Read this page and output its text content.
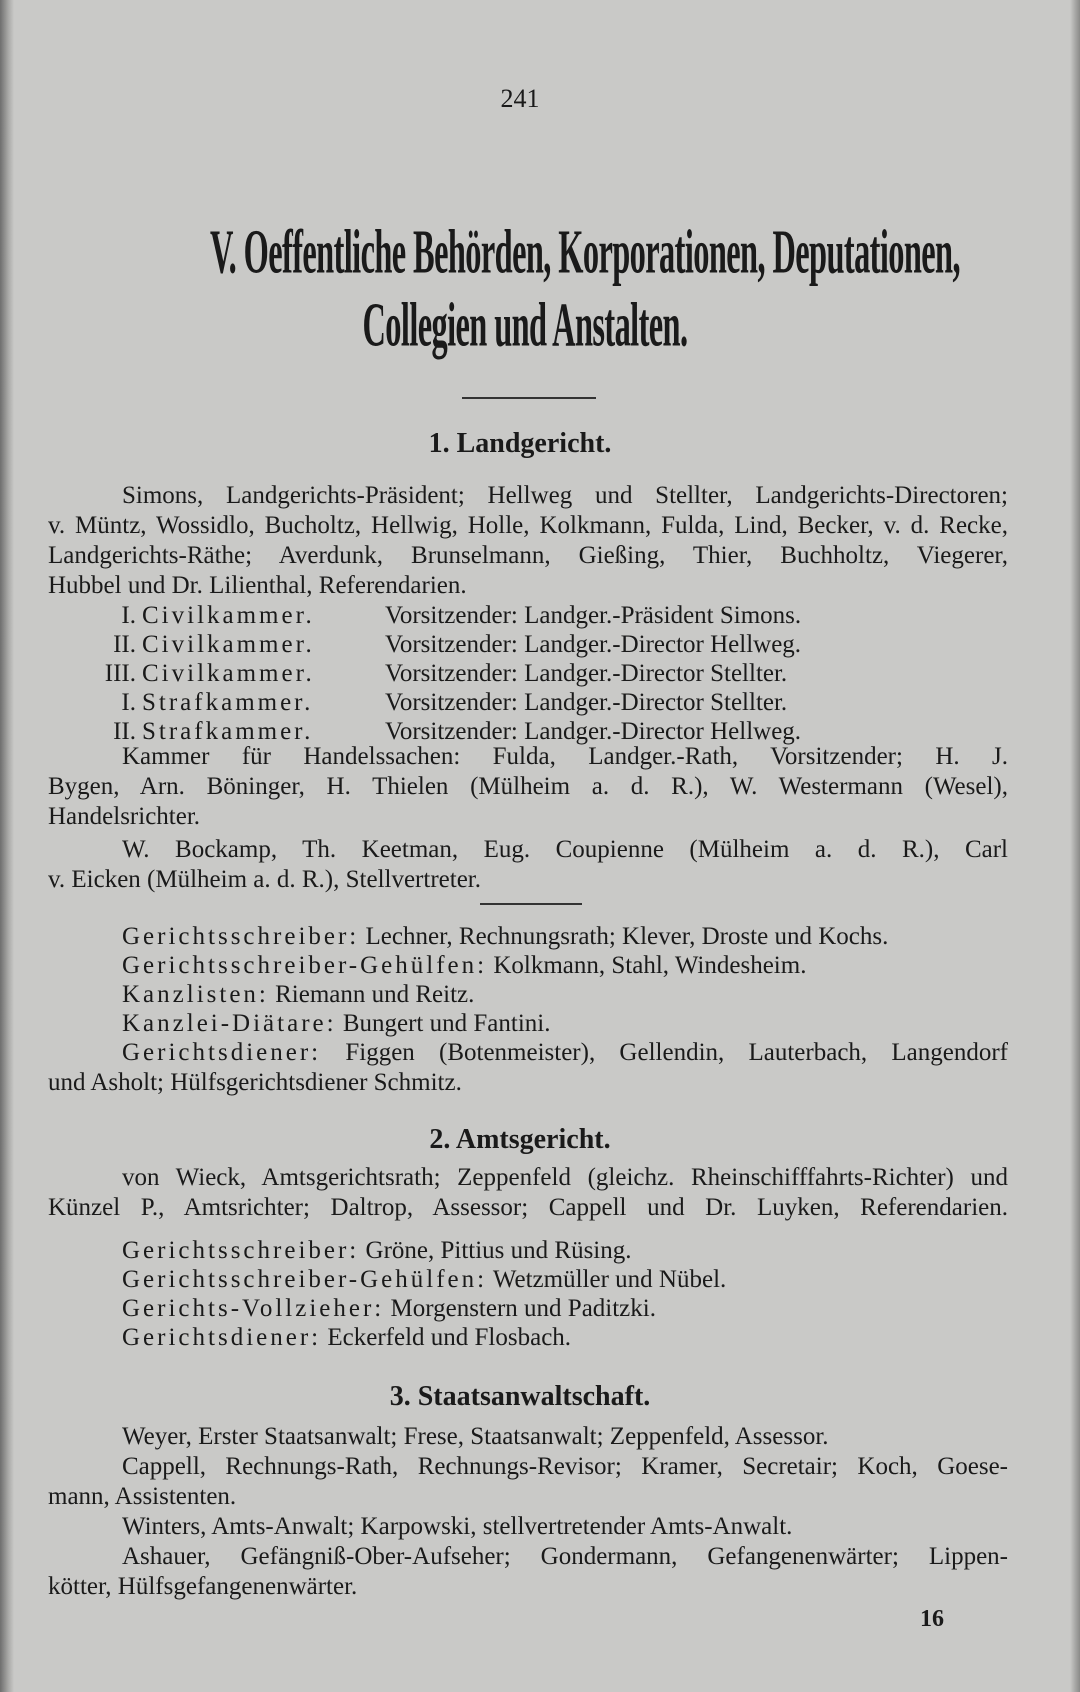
241
V. Oeffentliche Behörden, Korporationen, Deputationen,
Collegien und Anstalten.
1. Landgericht.
Simons, Landgerichts-Präsident; Hellweg und Stellter, Landgerichts-Directoren;
v. Müntz, Wossidlo, Bucholtz, Hellwig, Holle, Kolkmann, Fulda, Lind, Becker, v. d. Recke,
Landgerichts-Räthe; Averdunk, Brunselmann, Gießing, Thier, Buchholtz, Viegerer,
Hubbel und Dr. Lilienthal, Referendarien.
I. Civilkammer.	Vorsitzender: Landger.-Präsident Simons.
II. Civilkammer.	Vorsitzender: Landger.-Director Hellweg.
III. Civilkammer.	Vorsitzender: Landger.-Director Stellter.
I. Strafkammer.	Vorsitzender: Landger.-Director Stellter.
II. Strafkammer.	Vorsitzender: Landger.-Director Hellweg.
Kammer für Handelssachen: Fulda, Landger.-Rath, Vorsitzender; H. J.
Bygen, Arn. Böninger, H. Thielen (Mülheim a. d. R.), W. Westermann (Wesel),
Handelsrichter.
W. Bockamp, Th. Keetman, Eug. Coupienne (Mülheim a. d. R.), Carl
v. Eicken (Mülheim a. d. R.), Stellvertreter.
Gerichtsschreiber: Lechner, Rechnungsrath; Klever, Droste und Kochs.
Gerichtsschreiber-Gehülfen: Kolkmann, Stahl, Windesheim.
Kanzlisten: Riemann und Reitz.
Kanzlei-Diätare: Bungert und Fantini.
Gerichtsdiener: Figgen (Botenmeister), Gellendin, Lauterbach, Langendorf
und Asholt; Hülfsgerichtsdiener Schmitz.
2. Amtsgericht.
von Wieck, Amtsgerichtsrath; Zeppenfeld (gleichz. Rheinschifffahrts-Richter) und
Künzel P., Amtsrichter; Daltrop, Assessor; Cappell und Dr. Luyken, Referendarien.
Gerichtsschreiber: Gröne, Pittius und Rüsing.
Gerichtsschreiber-Gehülfen: Wetzmüller und Nübel.
Gerichts-Vollzieher: Morgenstern und Paditzki.
Gerichtsdiener: Eckerfeld und Flosbach.
3. Staatsanwaltschaft.
Weyer, Erster Staatsanwalt; Frese, Staatsanwalt; Zeppenfeld, Assessor.
Cappell, Rechnungs-Rath, Rechnungs-Revisor; Kramer, Secretair; Koch, Goese-
mann, Assistenten.
Winters, Amts-Anwalt; Karpowski, stellvertretender Amts-Anwalt.
Ashauer, Gefängniß-Ober-Aufseher; Gondermann, Gefangenenwärter; Lippen-
kötter, Hülfsgefangenenwärter.
16
